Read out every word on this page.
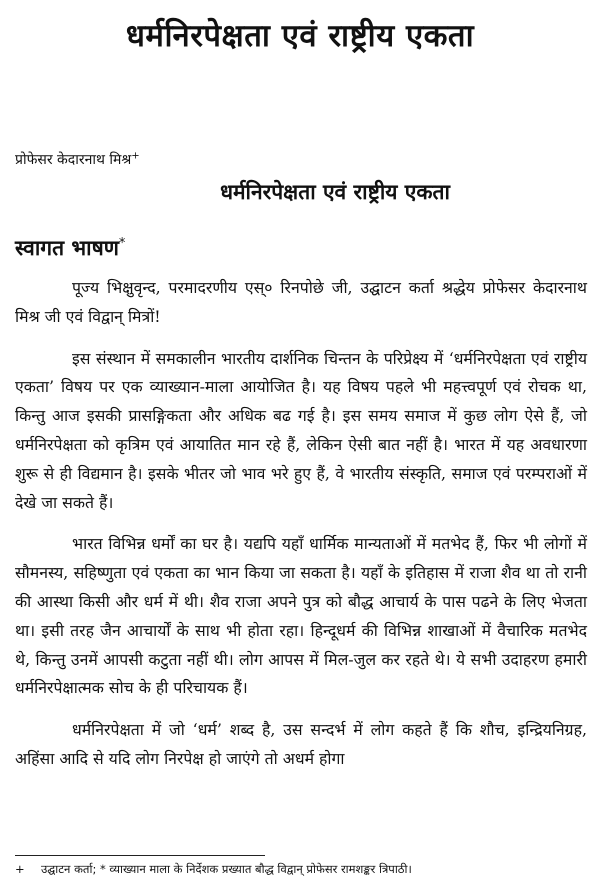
धर्मनिरपेक्षता एवं राष्ट्रीय एकता
प्रोफेसर केदारनाथ मिश्र+
धर्मनिरपेक्षता एवं राष्ट्रीय एकता
स्वागत भाषण*

पूज्य भिक्षुवृन्द, परमादरणीय एस्० रिनपोछे जी, उद्घाटन कर्ता श्रद्धेय प्रोफेसर केदारनाथ मिश्र जी एवं विद्वान् मित्रों!

इस संस्थान में समकालीन भारतीय दार्शनिक चिन्तन के परिप्रेक्ष्य में ‘धर्मनिरपेक्षता एवं राष्ट्रीय एकता’ विषय पर एक व्याख्यान-माला आयोजित है। यह विषय पहले भी महत्त्वपूर्ण एवं रोचक था, किन्तु आज इसकी प्रासङ्गिकता और अधिक बढ गई है। इस समय समाज में कुछ लोग ऐसे हैं, जो धर्मनिरपेक्षता को कृत्रिम एवं आयातित मान रहे हैं, लेकिन ऐसी बात नहीं है। भारत में यह अवधारणा शुरू से ही विद्यमान है। इसके भीतर जो भाव भरे हुए हैं, वे भारतीय संस्कृति, समाज एवं परम्पराओं में देखे जा सकते हैं।

भारत विभिन्न धर्मों का घर है। यद्यपि यहाँ धार्मिक मान्यताओं में मतभेद हैं, फिर भी लोगों में सौमनस्य, सहिष्णुता एवं एकता का भान किया जा सकता है। यहाँ के इतिहास में राजा शैव था तो रानी की आस्था किसी और धर्म में थी। शैव राजा अपने पुत्र को बौद्ध आचार्य के पास पढने के लिए भेजता था। इसी तरह जैन आचार्यों के साथ भी होता रहा। हिन्दूधर्म की विभिन्न शाखाओं में वैचारिक मतभेद थे, किन्तु उनमें आपसी कटुता नहीं थी। लोग आपस में मिल-जुल कर रहते थे। ये सभी उदाहरण हमारी धर्मनिरपेक्षात्मक सोच के ही परिचायक हैं।

धर्मनिरपेक्षता में जो ‘धर्म’ शब्द है, उस सन्दर्भ में लोग कहते हैं कि शौच, इन्द्रियनिग्रह, अहिंसा आदि से यदि लोग निरपेक्ष हो जाएंगे तो अधर्म होगा

+ उद्घाटन कर्ता; * व्याख्यान माला के निर्देशक प्रख्यात बौद्ध विद्वान् प्रोफेसर रामशङ्कर त्रिपाठी।
